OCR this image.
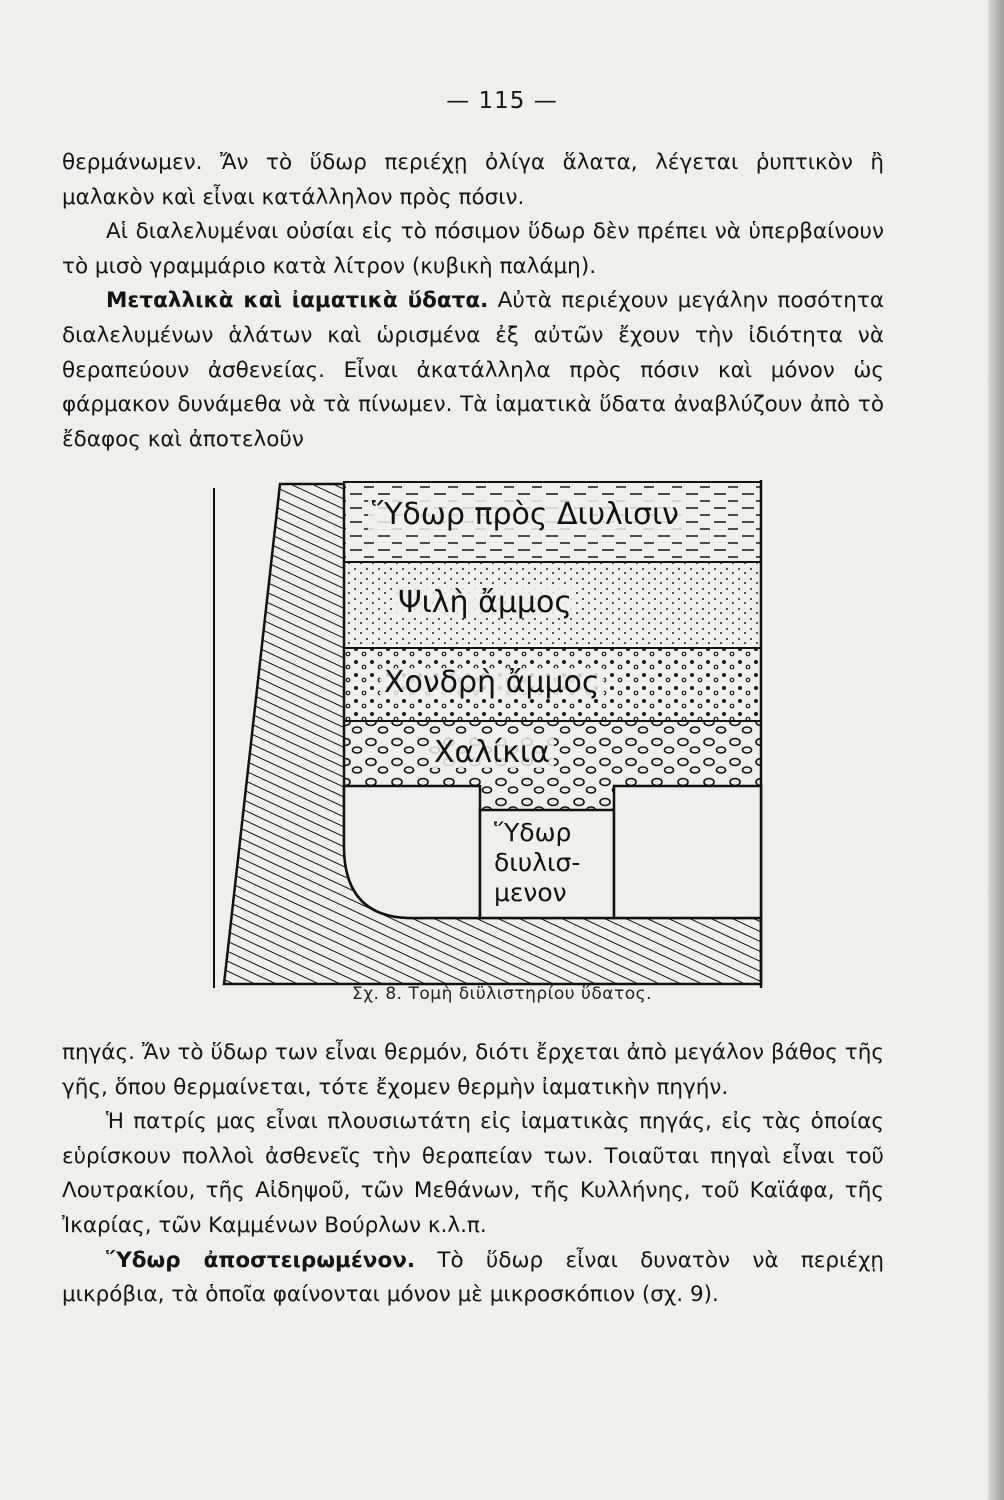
— 115 —

θερμάνωμεν. Ἄν τὸ ὕδωρ περιέχῃ ὀλίγα ἅλατα, λέγεται ῥυπτικὸν ἢ μαλακὸν καὶ εἶναι κατάλληλον πρὸς πόσιν.

Αἱ διαλελυμέναι οὐσίαι εἰς τὸ πόσιμον ὕδωρ δὲν πρέπει νὰ ὑπερβαίνουν τὸ μισὸ γραμμάριο κατὰ λίτρον (κυβικὴ παλάμη).

Μεταλλικὰ καὶ ἰαματικὰ ὕδατα. Αὐτὰ περιέχουν μεγάλην ποσότητα διαλελυμένων ἁλάτων καὶ ὡρισμένα ἐξ αὐτῶν ἔχουν τὴν ἰδιότητα νὰ θεραπεύουν ἀσθενείας. Εἶναι ἀκατάλληλα πρὸς πόσιν καὶ μόνον ὡς φάρμακον δυνάμεθα νὰ τὰ πίνωμεν. Τὰ ἰαματικὰ ὕδατα ἀναβλύζουν ἀπὸ τὸ ἔδαφος καὶ ἀποτελοῦν

Ὕδωρ πρὸς Διυλισιν
Ψιλὴ ἄμμος
Χονδρὴ ἄμμος
Χαλίκια
Ὕδωρ
διυλισ-
μενον
Σχ. 8. Τομὴ διϋλιστηρίου ὕδατος.

πηγάς. Ἄν τὸ ὕδωρ των εἶναι θερμόν, διότι ἔρχεται ἀπὸ μεγάλον βάθος τῆς γῆς, ὅπου θερμαίνεται, τότε ἔχομεν θερμὴν ἰαματικὴν πηγήν.

Ἡ πατρίς μας εἶναι πλουσιωτάτη εἰς ἰαματικὰς πηγάς, εἰς τὰς ὁποίας εὑρίσκουν πολλοὶ ἀσθενεῖς τὴν θεραπείαν των. Τοιαῦται πηγαὶ εἶναι τοῦ Λουτρακίου, τῆς Αἰδηψοῦ, τῶν Μεθάνων, τῆς Κυλλήνης, τοῦ Καϊάφα, τῆς Ἰκαρίας, τῶν Καμμένων Βούρλων κ.λ.π.

Ὕδωρ ἀποστειρωμένον. Τὸ ὕδωρ εἶναι δυνατὸν νὰ περιέχῃ μικρόβια, τὰ ὁποῖα φαίνονται μόνον μὲ μικροσκόπιον (σχ. 9).
